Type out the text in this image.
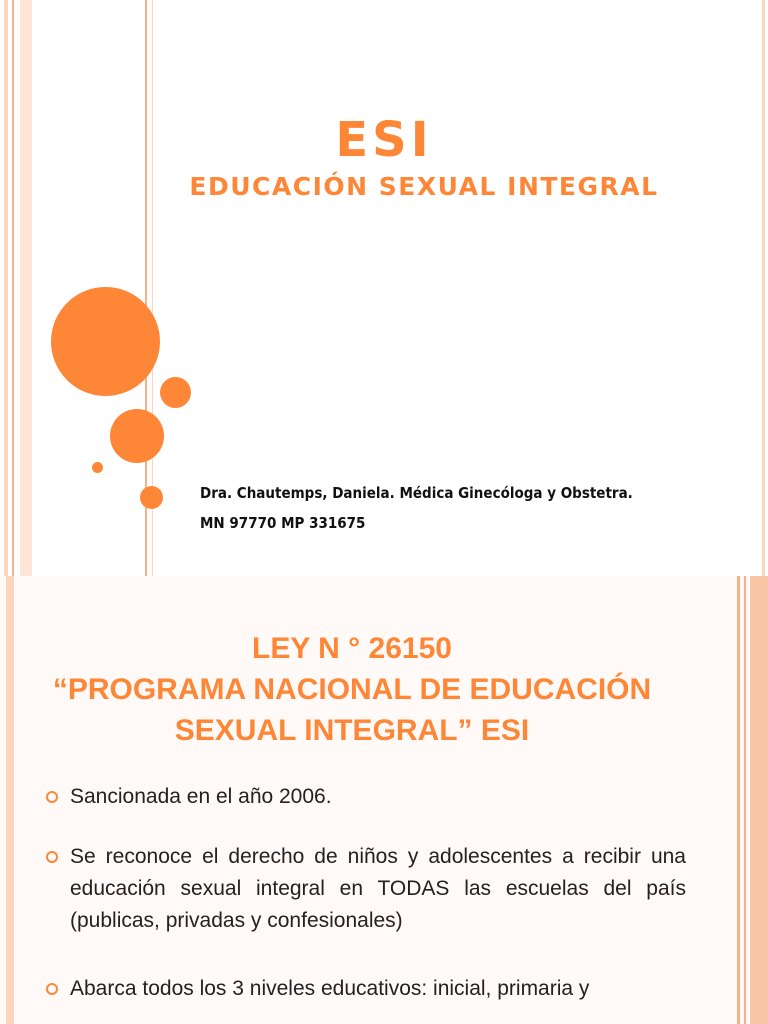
ESI
EDUCACIÓN SEXUAL INTEGRAL
Dra. Chautemps, Daniela. Médica Ginecóloga y Obstetra.
MN 97770 MP 331675
LEY N ° 26150
“PROGRAMA NACIONAL DE EDUCACIÓN
SEXUAL INTEGRAL” ESI
Sancionada en el año 2006.
Se reconoce el derecho de niños y adolescentes a recibir una educación sexual integral en TODAS las escuelas del país (publicas, privadas y confesionales)
Abarca todos los 3 niveles educativos: inicial, primaria y
